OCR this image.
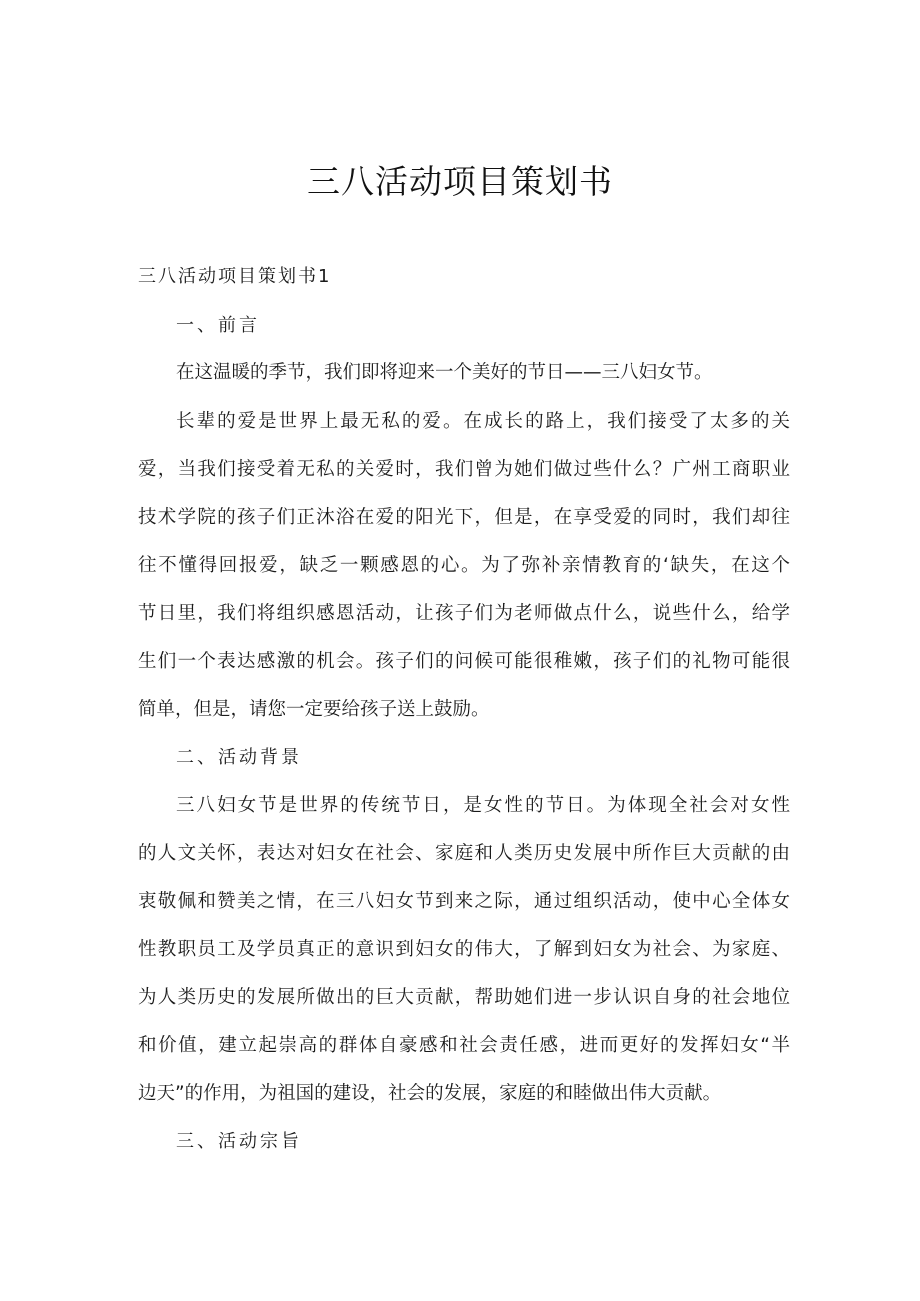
三八活动项目策划书
三八活动项目策划书1
一、前言
在这温暖的季节，我们即将迎来一个美好的节日——三八妇女节。
长辈的爱是世界上最无私的爱。在成长的路上，我们接受了太多的关
爱，当我们接受着无私的关爱时，我们曾为她们做过些什么？广州工商职业
技术学院的孩子们正沐浴在爱的阳光下，但是，在享受爱的同时，我们却往
往不懂得回报爱，缺乏一颗感恩的心。为了弥补亲情教育的‘缺失，在这个
节日里，我们将组织感恩活动，让孩子们为老师做点什么，说些什么，给学
生们一个表达感激的机会。孩子们的问候可能很稚嫩，孩子们的礼物可能很
简单，但是，请您一定要给孩子送上鼓励。
二、活动背景
三八妇女节是世界的传统节日，是女性的节日。为体现全社会对女性
的人文关怀，表达对妇女在社会、家庭和人类历史发展中所作巨大贡献的由
衷敬佩和赞美之情，在三八妇女节到来之际，通过组织活动，使中心全体女
性教职员工及学员真正的意识到妇女的伟大，了解到妇女为社会、为家庭、
为人类历史的发展所做出的巨大贡献，帮助她们进一步认识自身的社会地位
和价值，建立起崇高的群体自豪感和社会责任感，进而更好的发挥妇女“半
边天”的作用，为祖国的建设，社会的发展，家庭的和睦做出伟大贡献。
三、活动宗旨
